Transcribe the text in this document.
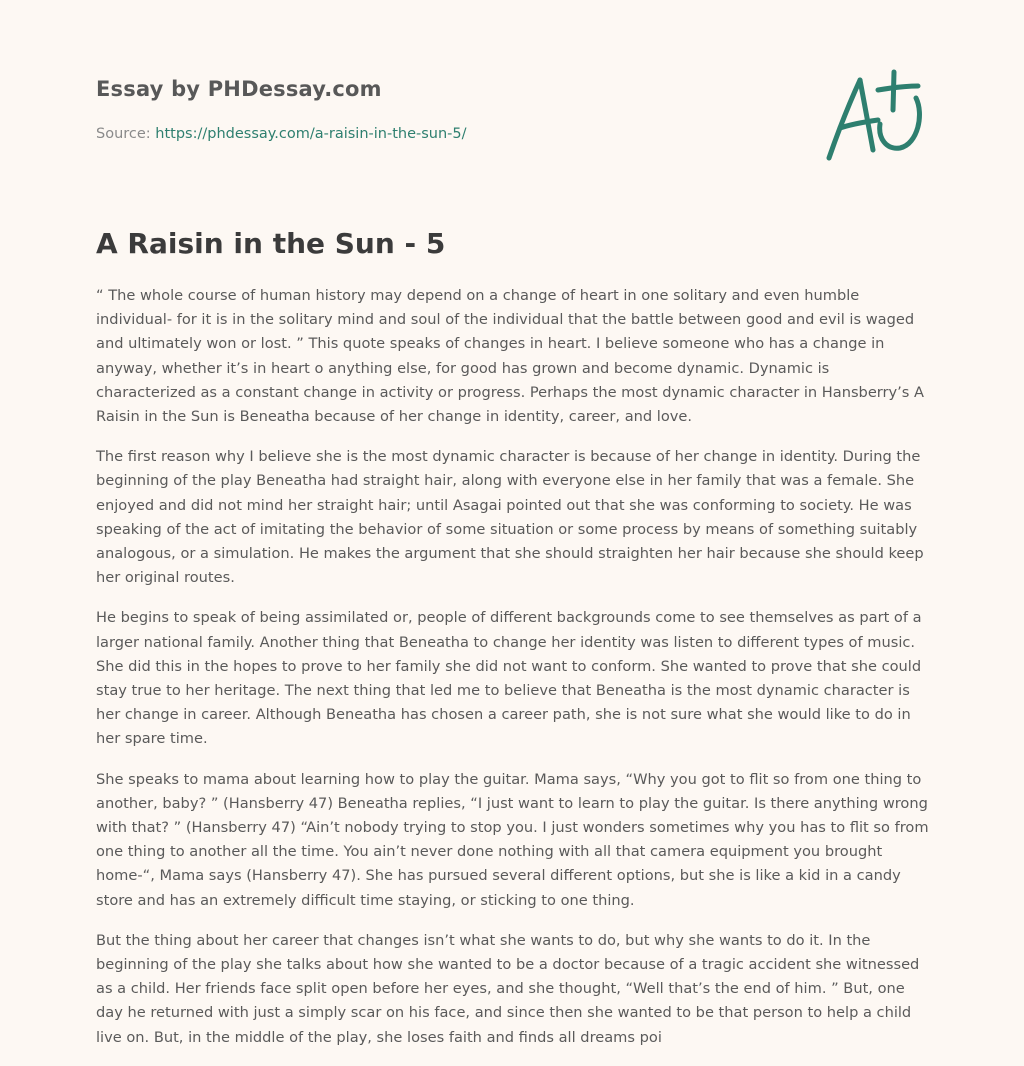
Essay by PHDessay.com
Source: https://phdessay.com/a-raisin-in-the-sun-5/
A Raisin in the Sun - 5

“ The whole course of human history may depend on a change of heart in one solitary and even humble individual- for it is in the solitary mind and soul of the individual that the battle between good and evil is waged and ultimately won or lost. ” This quote speaks of changes in heart. I believe someone who has a change in anyway, whether it’s in heart o anything else, for good has grown and become dynamic. Dynamic is characterized as a constant change in activity or progress. Perhaps the most dynamic character in Hansberry’s A Raisin in the Sun is Beneatha because of her change in identity, career, and love.

The first reason why I believe she is the most dynamic character is because of her change in identity. During the beginning of the play Beneatha had straight hair, along with everyone else in her family that was a female. She enjoyed and did not mind her straight hair; until Asagai pointed out that she was conforming to society. He was speaking of the act of imitating the behavior of some situation or some process by means of something suitably analogous, or a simulation. He makes the argument that she should straighten her hair because she should keep her original routes.

He begins to speak of being assimilated or, people of different backgrounds come to see themselves as part of a larger national family. Another thing that Beneatha to change her identity was listen to different types of music. She did this in the hopes to prove to her family she did not want to conform. She wanted to prove that she could stay true to her heritage. The next thing that led me to believe that Beneatha is the most dynamic character is her change in career. Although Beneatha has chosen a career path, she is not sure what she would like to do in her spare time.

She speaks to mama about learning how to play the guitar. Mama says, “Why you got to flit so from one thing to another, baby? ” (Hansberry 47) Beneatha replies, “I just want to learn to play the guitar. Is there anything wrong with that? ” (Hansberry 47) “Ain’t nobody trying to stop you. I just wonders sometimes why you has to flit so from one thing to another all the time. You ain’t never done nothing with all that camera equipment you brought home-“, Mama says (Hansberry 47). She has pursued several different options, but she is like a kid in a candy store and has an extremely difficult time staying, or sticking to one thing.

But the thing about her career that changes isn’t what she wants to do, but why she wants to do it. In the beginning of the play she talks about how she wanted to be a doctor because of a tragic accident she witnessed as a child. Her friends face split open before her eyes, and she thought, “Well that’s the end of him. ” But, one day he returned with just a simply scar on his face, and since then she wanted to be that person to help a child live on. But, in the middle of the play, she loses faith and finds all dreams poi
